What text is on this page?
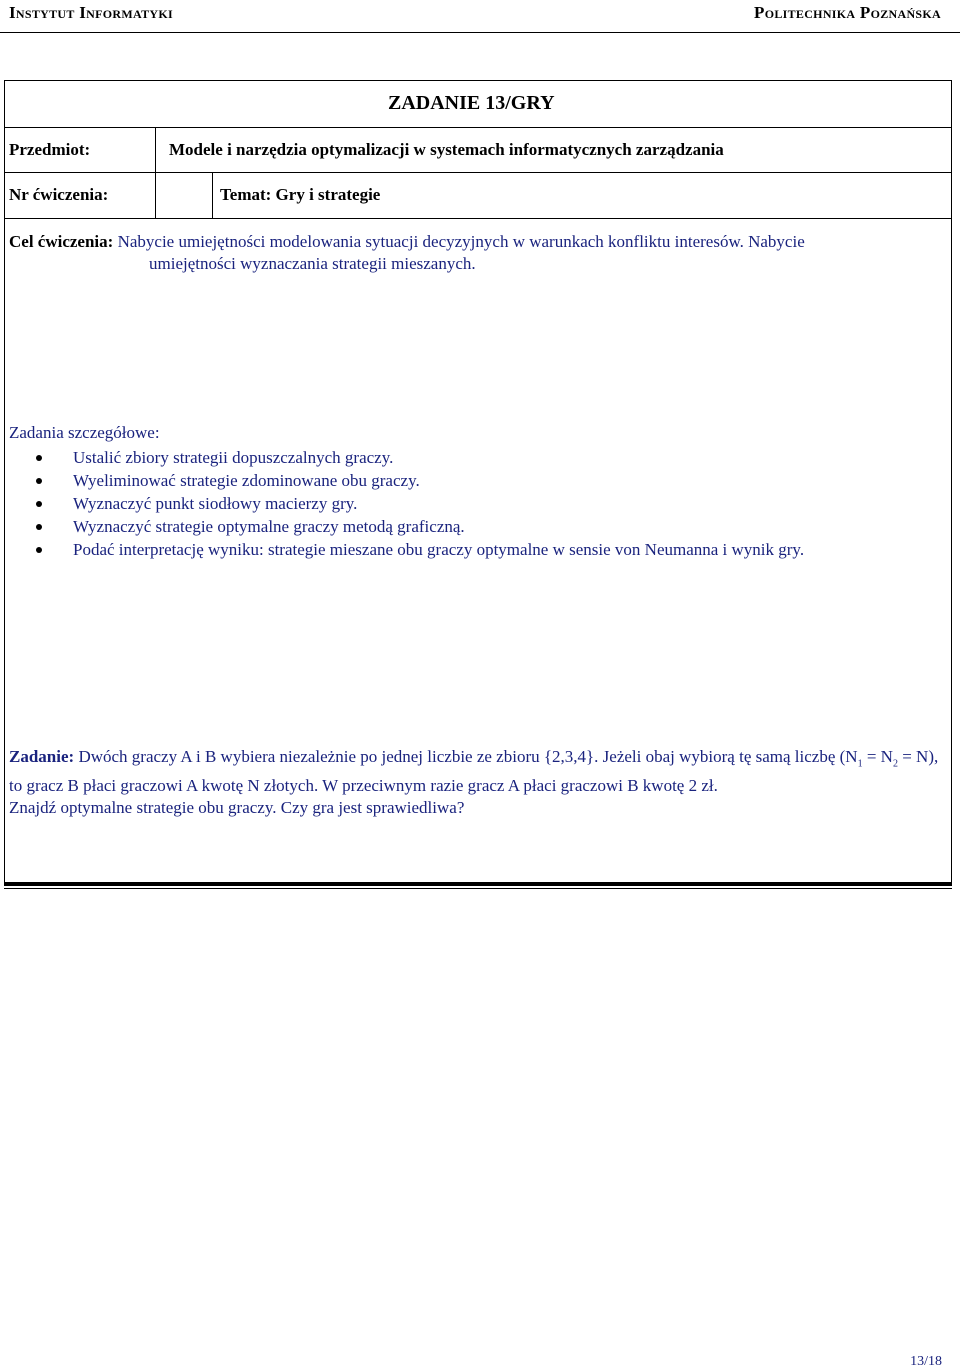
Instytut Informatyki	Politechnika Poznańska
ZADANIE 13/GRY
Przedmiot:	Modele i narzędzia optymalizacji w systemach informatycznych zarządzania
Nr ćwiczenia:	Temat: Gry i strategie
Cel ćwiczenia: Nabycie umiejętności modelowania sytuacji decyzyjnych w warunkach konfliktu interesów. Nabycie
umiejętności wyznaczania strategii mieszanych.
Zadania szczegółowe:
Ustalić zbiory strategii dopuszczalnych graczy.
Wyeliminować strategie zdominowane obu graczy.
Wyznaczyć punkt siodłowy macierzy gry.
Wyznaczyć strategie optymalne graczy metodą graficzną.
Podać interpretację wyniku: strategie mieszane obu graczy optymalne w sensie von Neumanna i wynik gry.
Zadanie: Dwóch graczy A i B wybiera niezależnie po jednej liczbie ze zbioru {2,3,4}. Jeżeli obaj wybiorą tę samą liczbę $(N_1 = N_2 = N)$, to gracz B płaci graczowi A kwotę N złotych. W przeciwnym razie gracz A płaci graczowi B kwotę 2 zł.
Znajdź optymalne strategie obu graczy. Czy gra jest sprawiedliwa?
13/18
